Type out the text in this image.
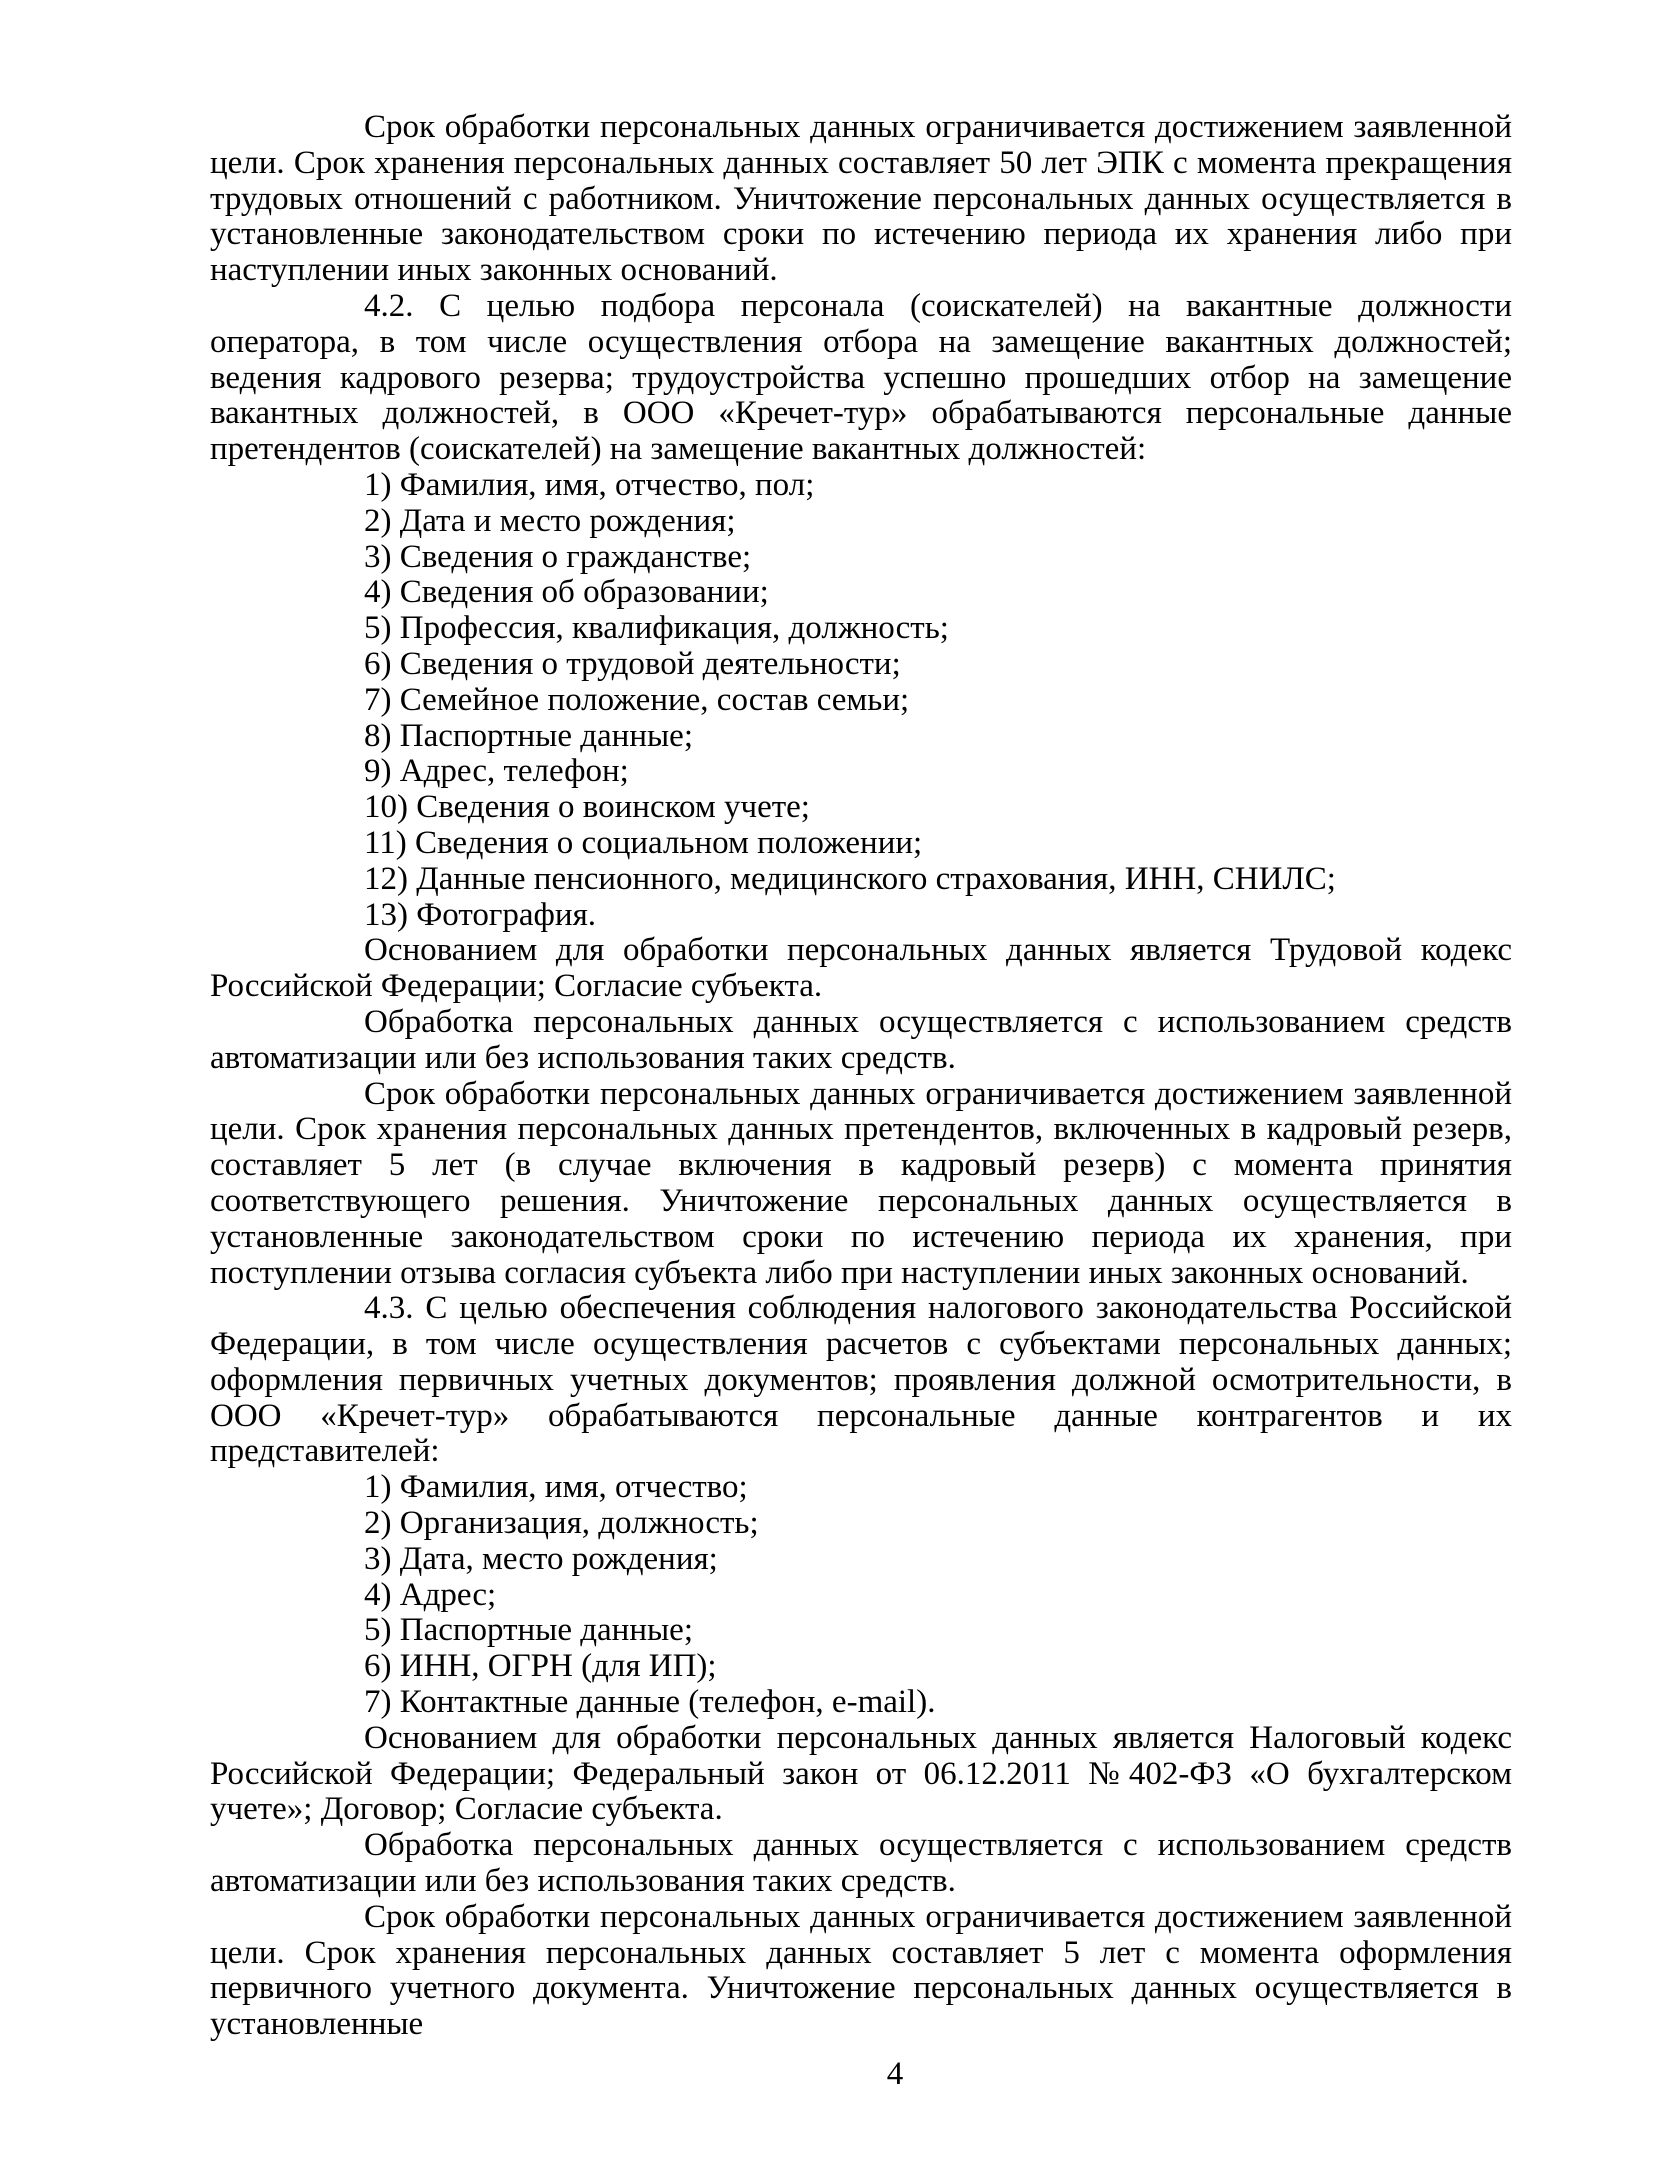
Срок обработки персональных данных ограничивается достижением заявленной цели. Срок хранения персональных данных составляет 50 лет ЭПК с момента прекращения трудовых отношений с работником. Уничтожение персональных данных осуществляется в установленные законодательством сроки по истечению периода их хранения либо при наступлении иных законных оснований.

4.2. С целью подбора персонала (соискателей) на вакантные должности оператора, в том числе осуществления отбора на замещение вакантных должностей; ведения кадрового резерва; трудоустройства успешно прошедших отбор на замещение вакантных должностей, в ООО «Кречет-тур» обрабатываются персональные данные претендентов (соискателей) на замещение вакантных должностей:

1) Фамилия, имя, отчество, пол;

2) Дата и место рождения;

3) Сведения о гражданстве;

4) Сведения об образовании;

5) Профессия, квалификация, должность;

6) Сведения о трудовой деятельности;

7) Семейное положение, состав семьи;

8) Паспортные данные;

9) Адрес, телефон;

10) Сведения о воинском учете;

11) Сведения о социальном положении;

12) Данные пенсионного, медицинского страхования, ИНН, СНИЛС;

13) Фотография.

Основанием для обработки персональных данных является Трудовой кодекс Российской Федерации; Согласие субъекта.

Обработка персональных данных осуществляется с использованием средств автоматизации или без использования таких средств.

Срок обработки персональных данных ограничивается достижением заявленной цели. Срок хранения персональных данных претендентов, включенных в кадровый резерв, составляет 5 лет (в случае включения в кадровый резерв) с момента принятия соответствующего решения. Уничтожение персональных данных осуществляется в установленные законодательством сроки по истечению периода их хранения, при поступлении отзыва согласия субъекта либо при наступлении иных законных оснований.

4.3. С целью обеспечения соблюдения налогового законодательства Российской Федерации, в том числе осуществления расчетов с субъектами персональных данных; оформления первичных учетных документов; проявления должной осмотрительности, в ООО «Кречет-тур» обрабатываются персональные данные контрагентов и их представителей:

1) Фамилия, имя, отчество;

2) Организация, должность;

3) Дата, место рождения;

4) Адрес;

5) Паспортные данные;

6) ИНН, ОГРН (для ИП);

7) Контактные данные (телефон, e-mail).

Основанием для обработки персональных данных является Налоговый кодекс Российской Федерации; Федеральный закон от 06.12.2011 №402-ФЗ «О бухгалтерском учете»; Договор; Согласие субъекта.

Обработка персональных данных осуществляется с использованием средств автоматизации или без использования таких средств.

Срок обработки персональных данных ограничивается достижением заявленной цели. Срок хранения персональных данных составляет 5 лет с момента оформления первичного учетного документа. Уничтожение персональных данных осуществляется в установленные

4
